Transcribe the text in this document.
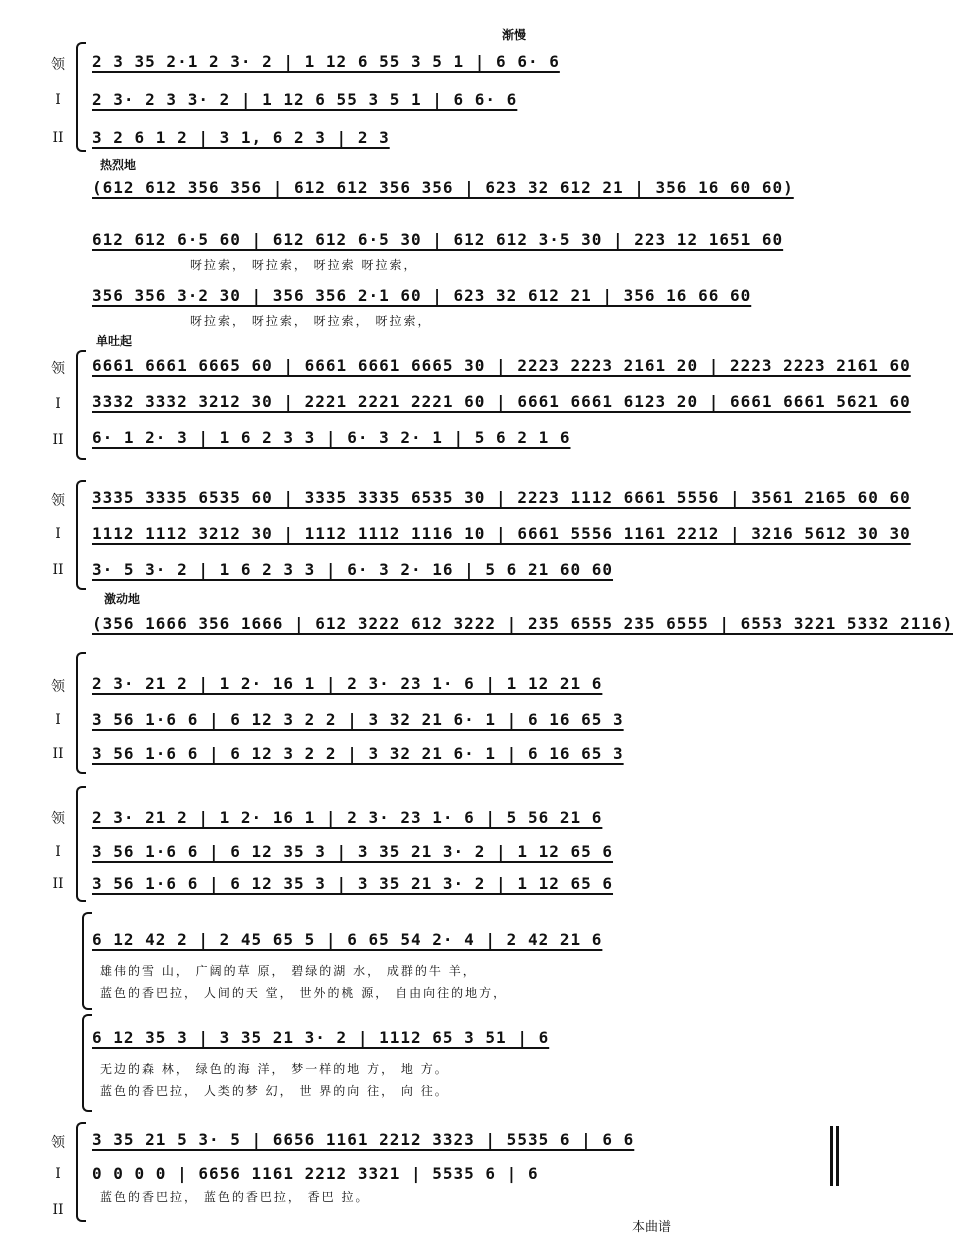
领
I
II
渐慢
2 3 35 2·1 2 3· 2 | 1 12 6 55 3 5 1 | 6 6· 6
2 3· 2 3 3· 2 | 1 12 6 55 3 5 1 | 6 6· 6
3 2 6 1 2 | 3 1, 6 2 3 | 2 3
热烈地
(612 612 356 356 | 612 612 356 356 | 623 32 612 21 | 356 16 60 60)
612 612 6·5 60 | 612 612 6·5 30 | 612 612 3·5 30 | 223 12 1651 60
呀拉索， 呀拉索， 呀拉索 呀拉索，
356 356 3·2 30 | 356 356 2·1 60 | 623 32 612 21 | 356 16 66 60
呀拉索， 呀拉索， 呀拉索， 呀拉索，
单吐起
领
I
II
6661 6661 6665 60 | 6661 6661 6665 30 | 2223 2223 2161 20 | 2223 2223 2161 60
3332 3332 3212 30 | 2221 2221 2221 60 | 6661 6661 6123 20 | 6661 6661 5621 60
6· 1 2· 3 | 1 6 2 3 3 | 6· 3 2· 1 | 5 6 2 1 6
领
I
II
3335 3335 6535 60 | 3335 3335 6535 30 | 2223 1112 6661 5556 | 3561 2165 60 60
1112 1112 3212 30 | 1112 1112 1116 10 | 6661 5556 1161 2212 | 3216 5612 30 30
3· 5 3· 2 | 1 6 2 3 3 | 6· 3 2· 16 | 5 6 21 60 60
激动地
(356 1666 356 1666 | 612 3222 612 3222 | 235 6555 235 6555 | 6553 3221 5332 2116)
领
I
II
2 3· 21 2 | 1 2· 16 1 | 2 3· 23 1· 6 | 1 12 21 6
3 56 1·6 6 | 6 12 3 2 2 | 3 32 21 6· 1 | 6 16 65 3
3 56 1·6 6 | 6 12 3 2 2 | 3 32 21 6· 1 | 6 16 65 3
领
I
II
2 3· 21 2 | 1 2· 16 1 | 2 3· 23 1· 6 | 5 56 21 6
3 56 1·6 6 | 6 12 35 3 | 3 35 21 3· 2 | 1 12 65 6
3 56 1·6 6 | 6 12 35 3 | 3 35 21 3· 2 | 1 12 65 6
6 12 42 2 | 2 45 65 5 | 6 65 54 2· 4 | 2 42 21 6
雄伟的雪 山， 广阔的草 原， 碧绿的湖 水， 成群的牛 羊，
蓝色的香巴拉， 人间的天 堂， 世外的桃 源， 自由向往的地方，
6 12 35 3 | 3 35 21 3· 2 | 1112 65 3 51 | 6
无边的森 林， 绿色的海 洋， 梦一样的地 方， 地 方。
蓝色的香巴拉， 人类的梦 幻， 世 界的向 往， 向 往。
领
I
II
3 35 21 5 3· 5 | 6656 1161 2212 3323 | 5535 6 | 6 6
0 0 0 0 | 6656 1161 2212 3321 | 5535 6 | 6
蓝色的香巴拉， 蓝色的香巴拉， 香巴 拉。
本曲谱
